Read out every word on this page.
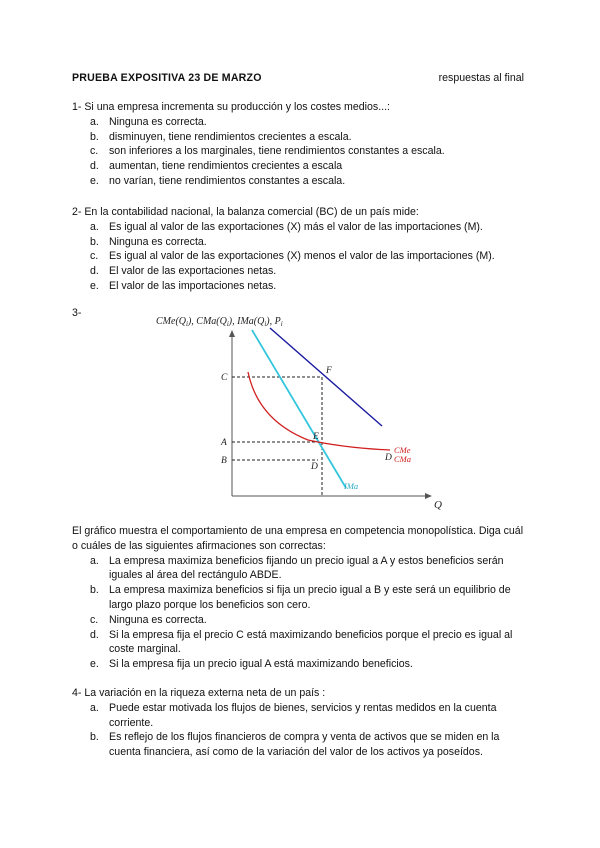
PRUEBA EXPOSITIVA 23 DE MARZO	respuestas al final

1- Si una empresa incrementa su producción y los costes medios...:

a. Ninguna es correcta.
b. disminuyen, tiene rendimientos crecientes a escala.
c. son inferiores a los marginales, tiene rendimientos constantes a escala.
d. aumentan, tiene rendimientos crecientes a escala
e. no varían, tiene rendimientos constantes a escala.

2- En la contabilidad nacional, la balanza comercial (BC) de un país mide:

a. Es igual al valor de las exportaciones (X) más el valor de las importaciones (M).
b. Ninguna es correcta.
c. Es igual al valor de las exportaciones (X) menos el valor de las importaciones (M).
d. El valor de las exportaciones netas.
e. El valor de las importaciones netas.
3-
$CMe(Q_i)$, $CMa(Q_i)$, $IMa(Q_i)$, $P_i$
Q
C
A
B
F
E
D
D
CMe
CMa
IMa

El gráfico muestra el comportamiento de una empresa en competencia monopolística. Diga cuál o cuáles de las siguientes afirmaciones son correctas:

a. La empresa maximiza beneficios fijando un precio igual a A y estos beneficios serán iguales al área del rectángulo ABDE.
b. La empresa maximiza beneficios si fija un precio igual a B y este será un equilibrio de largo plazo porque los beneficios son cero.
c. Ninguna es correcta.
d. Si la empresa fija el precio C está maximizando beneficios porque el precio es igual al coste marginal.
e. Si la empresa fija un precio igual A está maximizando beneficios.

4- La variación en la riqueza externa neta de un país :

a. Puede estar motivada los flujos de bienes, servicios y rentas medidos en la cuenta corriente.
b. Es reflejo de los flujos financieros de compra y venta de activos que se miden en la cuenta financiera, así como de la variación del valor de los activos ya poseídos.
